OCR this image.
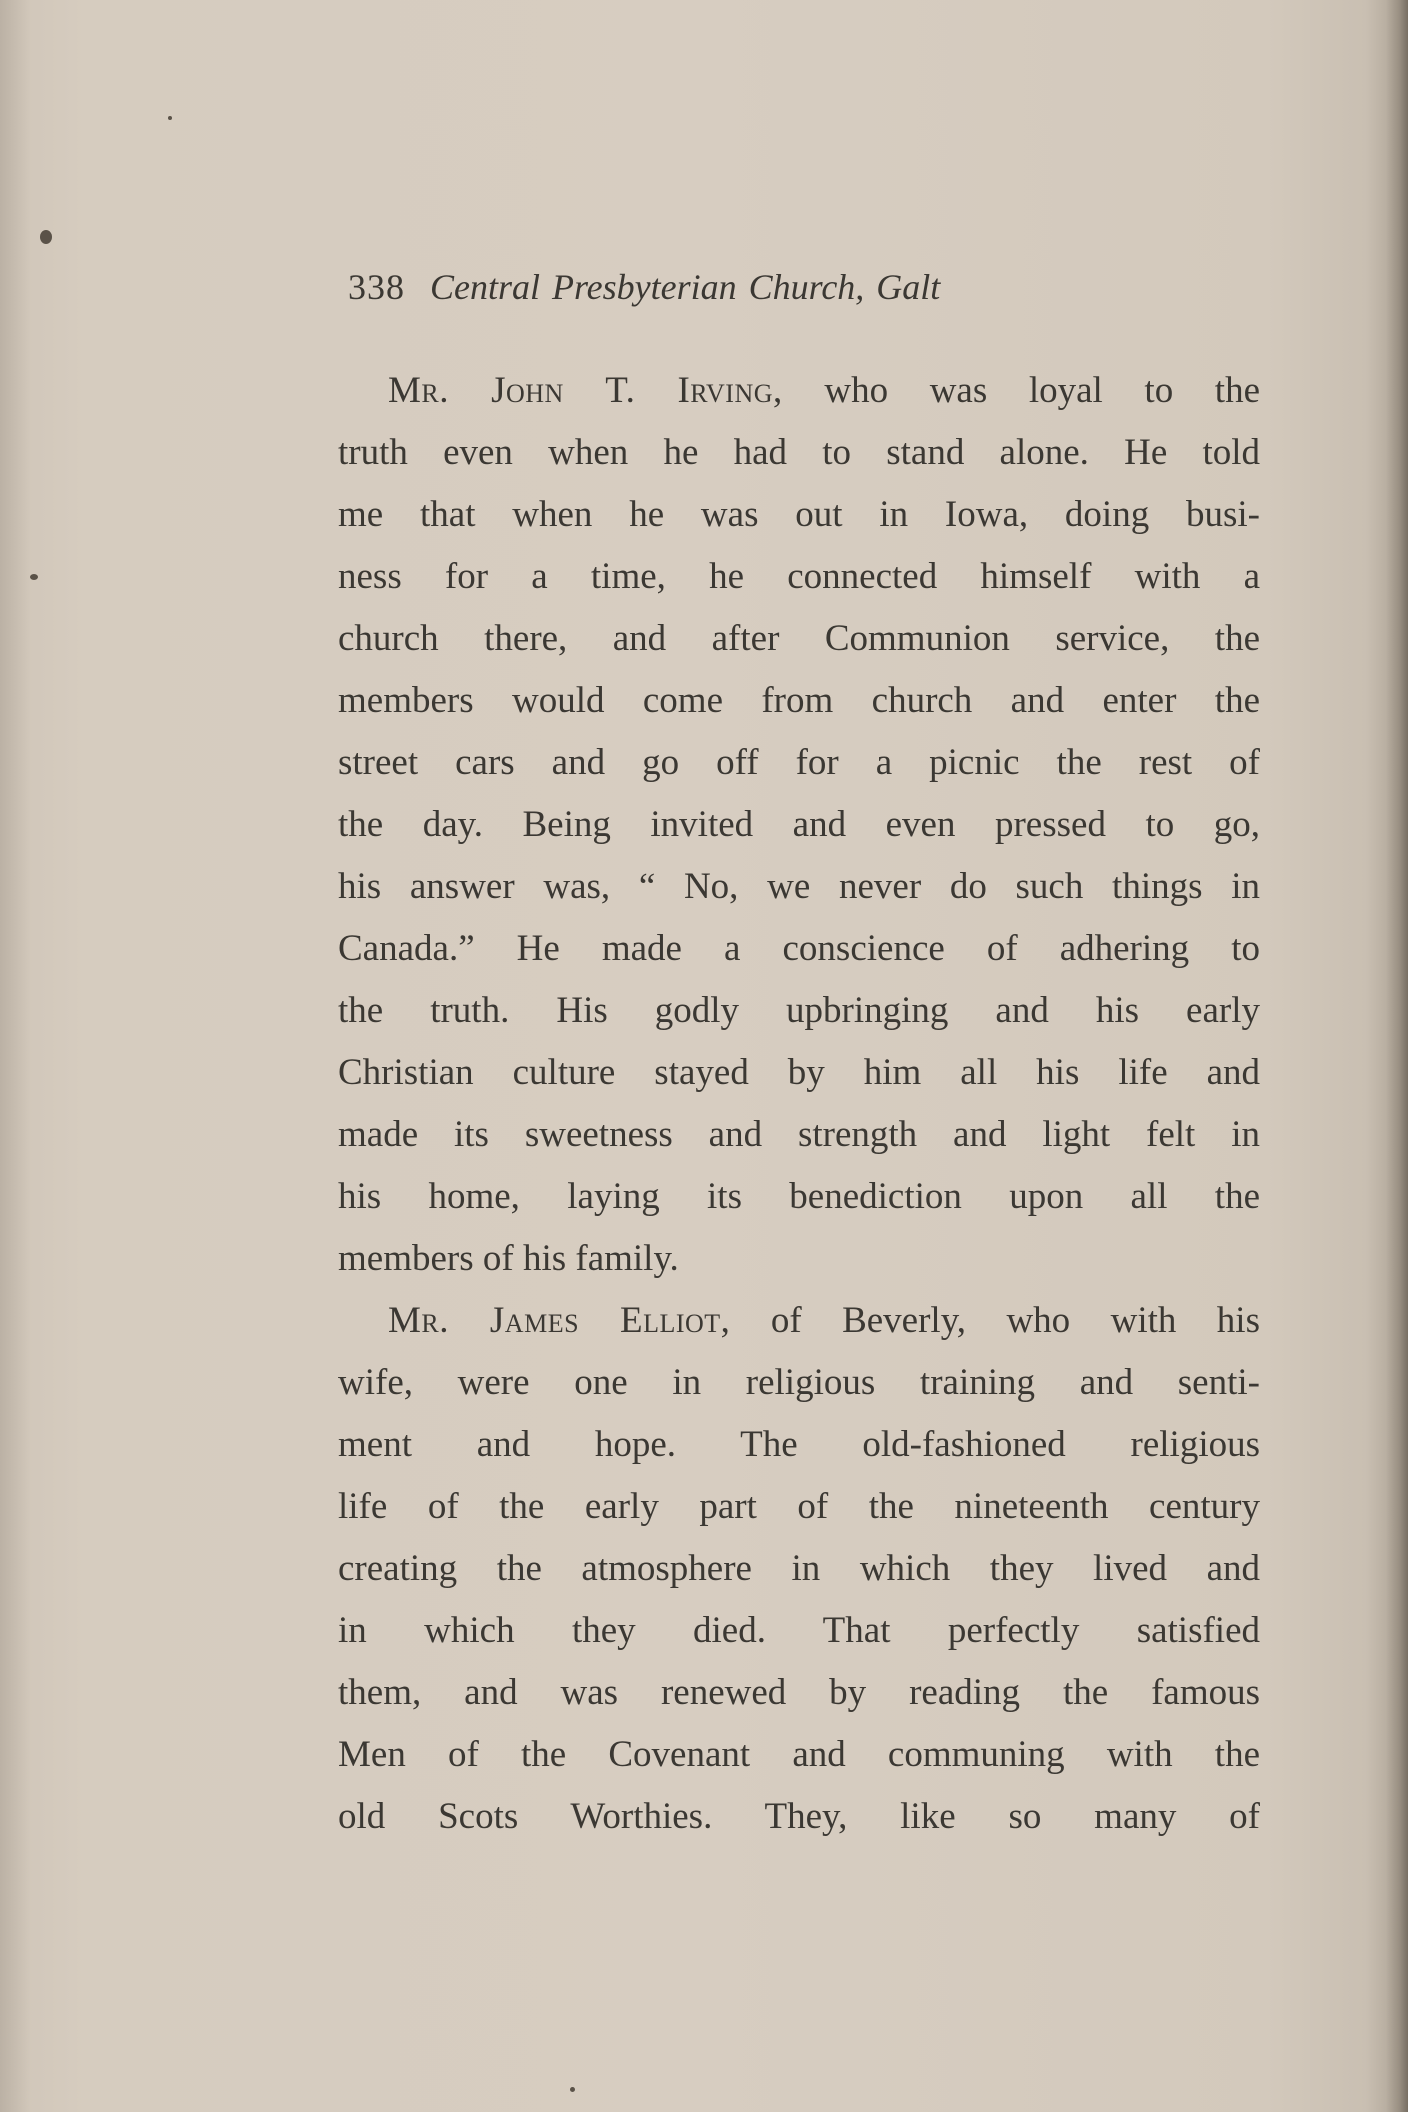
338 Central Presbyterian Church, Galt
Mr. John T. Irving, who was loyal to the
truth even when he had to stand alone. He told
me that when he was out in Iowa, doing busi-
ness for a time, he connected himself with a
church there, and after Communion service, the
members would come from church and enter the
street cars and go off for a picnic the rest of
the day. Being invited and even pressed to go,
his answer was, “ No, we never do such things in
Canada.” He made a conscience of adhering to
the truth. His godly upbringing and his early
Christian culture stayed by him all his life and
made its sweetness and strength and light felt in
his home, laying its benediction upon all the
members of his family.
Mr. James Elliot, of Beverly, who with his
wife, were one in religious training and senti-
ment and hope. The old-fashioned religious
life of the early part of the nineteenth century
creating the atmosphere in which they lived and
in which they died. That perfectly satisfied
them, and was renewed by reading the famous
Men of the Covenant and communing with the
old Scots Worthies. They, like so many of
